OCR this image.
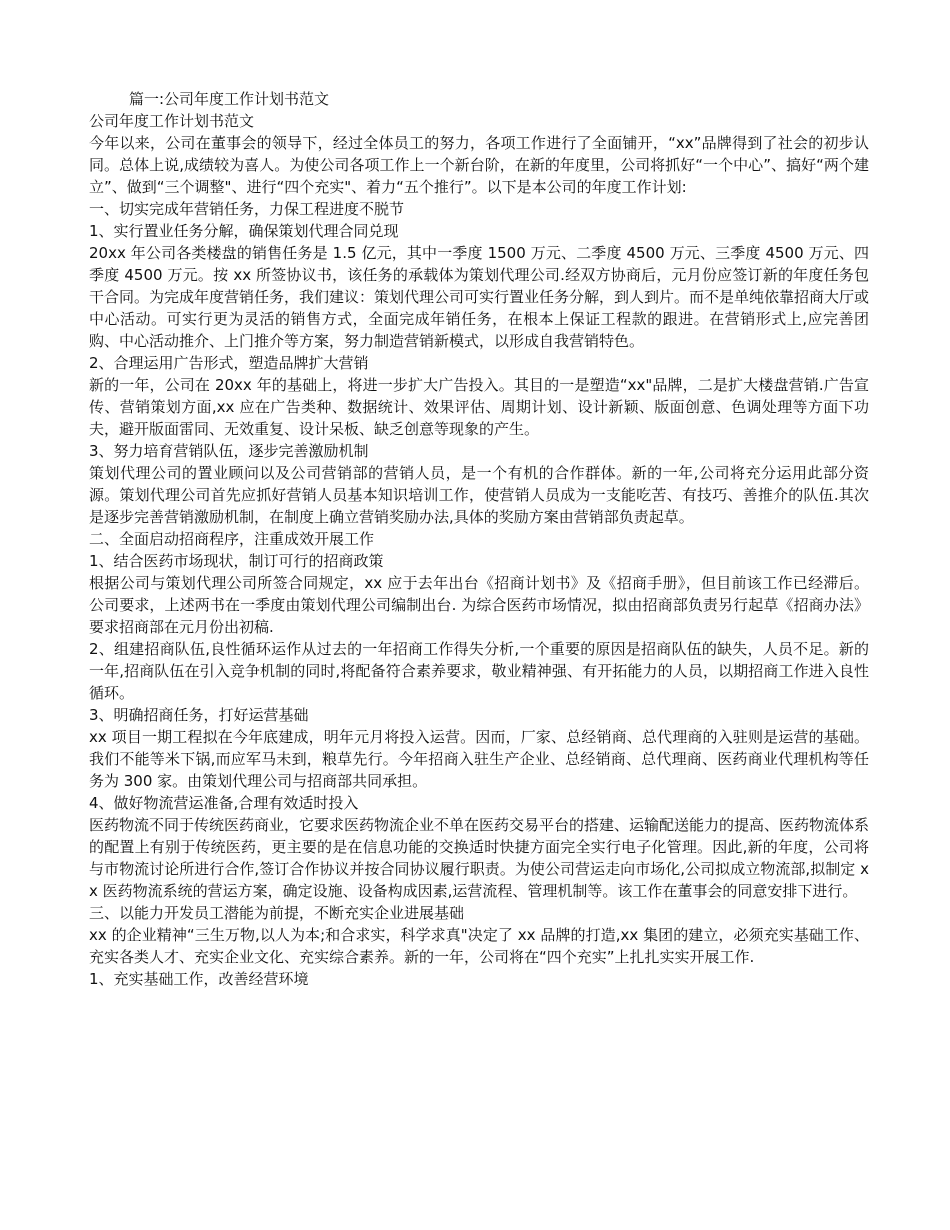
篇一:公司年度工作计划书范文

公司年度工作计划书范文

今年以来，公司在董事会的领导下，经过全体员工的努力，各项工作进行了全面铺开，“xx”品牌得到了社会的初步认同。总体上说,成绩较为喜人。为使公司各项工作上一个新台阶，在新的年度里，公司将抓好“一个中心”、搞好“两个建立”、做到“三个调整"、进行“四个充实"、着力“五个推行”。以下是本公司的年度工作计划:

一、切实完成年营销任务，力保工程进度不脱节

1、实行置业任务分解，确保策划代理合同兑现

20xx 年公司各类楼盘的销售任务是 1.5 亿元，其中一季度 1500 万元、二季度 4500 万元、三季度 4500 万元、四季度 4500 万元。按 xx 所签协议书，该任务的承载体为策划代理公司.经双方协商后，元月份应签订新的年度任务包干合同。为完成年度营销任务，我们建议：策划代理公司可实行置业任务分解，到人到片。而不是单纯依靠招商大厅或中心活动。可实行更为灵活的销售方式，全面完成年销任务，在根本上保证工程款的跟进。在营销形式上,应完善团购、中心活动推介、上门推介等方案，努力制造营销新模式，以形成自我营销特色。

2、合理运用广告形式，塑造品牌扩大营销

新的一年，公司在 20xx 年的基础上，将进一步扩大广告投入。其目的一是塑造“xx"品牌，二是扩大楼盘营销.广告宣传、营销策划方面,xx 应在广告类种、数据统计、效果评估、周期计划、设计新颖、版面创意、色调处理等方面下功夫，避开版面雷同、无效重复、设计呆板、缺乏创意等现象的产生。

3、努力培育营销队伍，逐步完善激励机制

策划代理公司的置业顾问以及公司营销部的营销人员，是一个有机的合作群体。新的一年,公司将充分运用此部分资源。策划代理公司首先应抓好营销人员基本知识培训工作，使营销人员成为一支能吃苦、有技巧、善推介的队伍.其次是逐步完善营销激励机制，在制度上确立营销奖励办法,具体的奖励方案由营销部负责起草。

二、全面启动招商程序，注重成效开展工作

1、结合医药市场现状，制订可行的招商政策

根据公司与策划代理公司所签合同规定，xx 应于去年出台《招商计划书》及《招商手册》，但目前该工作已经滞后。公司要求，上述两书在一季度由策划代理公司编制出台. 为综合医药市场情况，拟由招商部负责另行起草《招商办法》要求招商部在元月份出初稿.

2、组建招商队伍,良性循环运作从过去的一年招商工作得失分析,一个重要的原因是招商队伍的缺失，人员不足。新的一年,招商队伍在引入竞争机制的同时,将配备符合素养要求，敬业精神强、有开拓能力的人员，以期招商工作进入良性循环。

3、明确招商任务，打好运营基础

xx 项目一期工程拟在今年底建成，明年元月将投入运营。因而，厂家、总经销商、总代理商的入驻则是运营的基础。我们不能等米下锅,而应军马未到，粮草先行。今年招商入驻生产企业、总经销商、总代理商、医药商业代理机构等任务为 300 家。由策划代理公司与招商部共同承担。

4、做好物流营运准备,合理有效适时投入

医药物流不同于传统医药商业，它要求医药物流企业不单在医药交易平台的搭建、运输配送能力的提高、医药物流体系的配置上有别于传统医药，更主要的是在信息功能的交换适时快捷方面完全实行电子化管理。因此,新的年度，公司将与市物流讨论所进行合作,签订合作协议并按合同协议履行职责。为使公司营运走向市场化,公司拟成立物流部,拟制定 xx 医药物流系统的营运方案，确定设施、设备构成因素,运营流程、管理机制等。该工作在董事会的同意安排下进行。

三、以能力开发员工潜能为前提，不断充实企业进展基础

xx 的企业精神“三生万物,以人为本;和合求实，科学求真"决定了 xx 品牌的打造,xx 集团的建立，必须充实基础工作、充实各类人才、充实企业文化、充实综合素养。新的一年，公司将在“四个充实”上扎扎实实开展工作.

1、充实基础工作，改善经营环境
